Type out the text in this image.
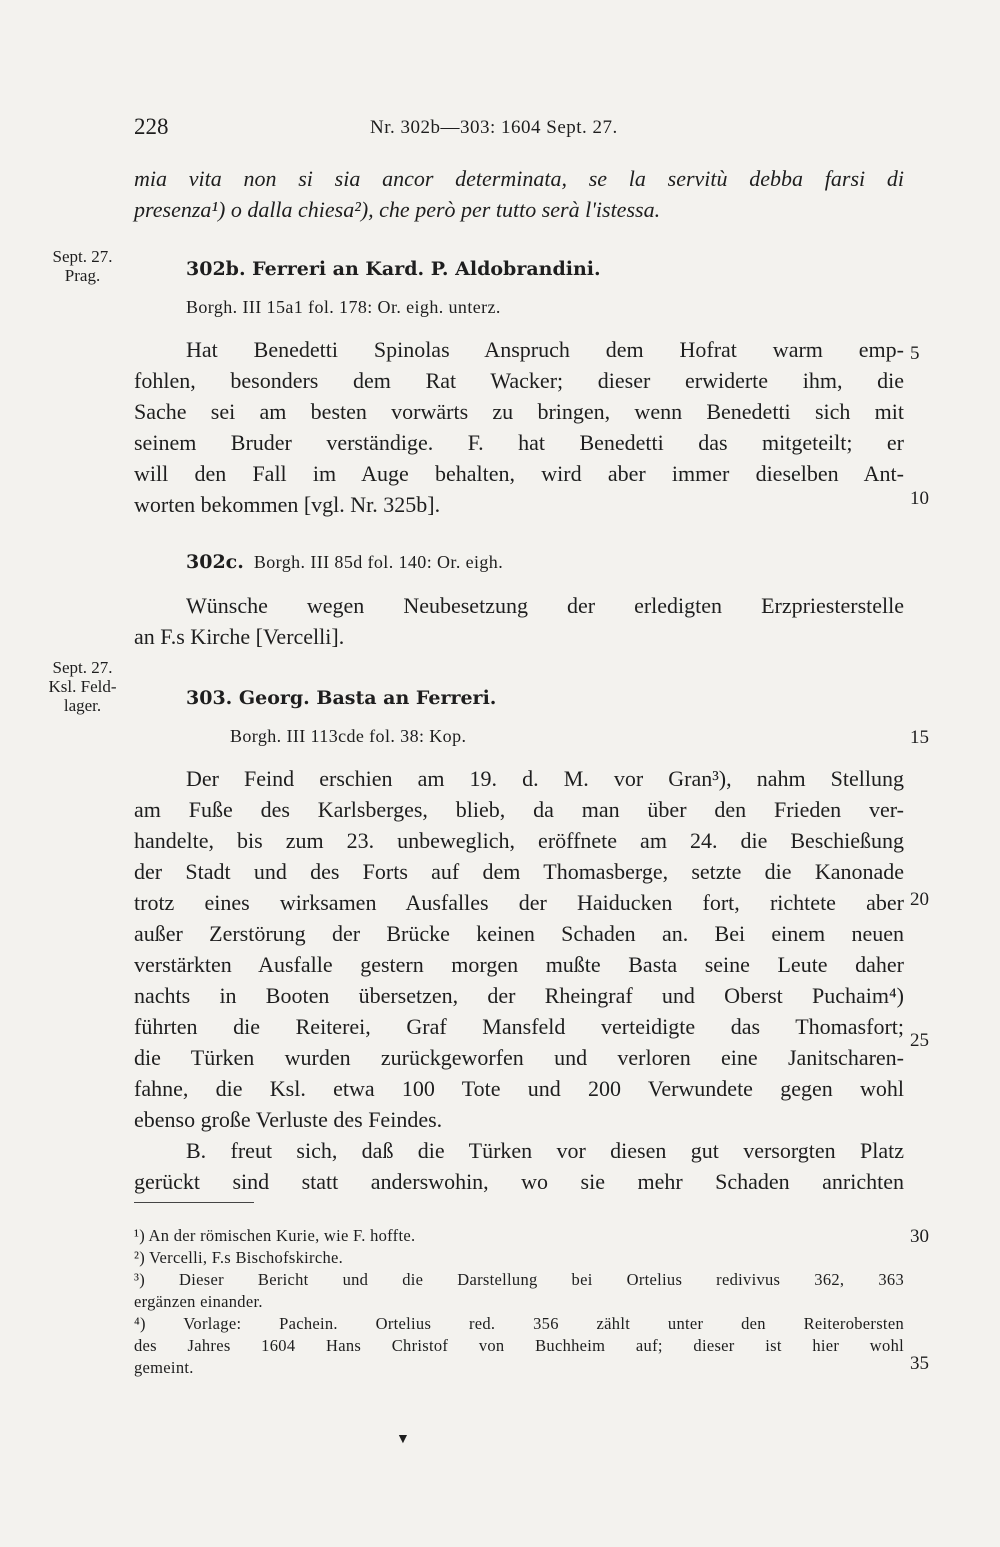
228	Nr. 302b—303: 1604 Sept. 27.
mia vita non si sia ancor determinata, se la servitù debba farsi di
presenza¹) o dalla chiesa²), che però per tutto serà l'istessa.
Sept. 27.
Prag.	302b. Ferreri an Kard. P. Aldobrandini.
Borgh. III 15a1 fol. 178: Or. eigh. unterz.
Hat Benedetti Spinolas Anspruch dem Hofrat warm emp-
fohlen, besonders dem Rat Wacker; dieser erwiderte ihm, die
Sache sei am besten vorwärts zu bringen, wenn Benedetti sich mit
seinem Bruder verständige. F. hat Benedetti das mitgeteilt; er
will den Fall im Auge behalten, wird aber immer dieselben Ant-
worten bekommen [vgl. Nr. 325b].
302c. Borgh. III 85d fol. 140: Or. eigh.
Wünsche wegen Neubesetzung der erledigten Erzpriesterstelle
an F.s Kirche [Vercelli].
Sept. 27.
Ksl. Feld-lager.	303. Georg. Basta an Ferreri.
Borgh. III 113cde fol. 38: Kop.
Der Feind erschien am 19. d. M. vor Gran³), nahm Stellung
am Fuße des Karlsberges, blieb, da man über den Frieden ver-
handelte, bis zum 23. unbeweglich, eröffnete am 24. die Beschießung
der Stadt und des Forts auf dem Thomasberge, setzte die Kanonade
trotz eines wirksamen Ausfalles der Haiducken fort, richtete aber
außer Zerstörung der Brücke keinen Schaden an. Bei einem neuen
verstärkten Ausfalle gestern morgen mußte Basta seine Leute daher
nachts in Booten übersetzen, der Rheingraf und Oberst Puchaim⁴)
führten die Reiterei, Graf Mansfeld verteidigte das Thomasfort;
die Türken wurden zurückgeworfen und verloren eine Janitscharen-
fahne, die Ksl. etwa 100 Tote und 200 Verwundete gegen wohl
ebenso große Verluste des Feindes.
B. freut sich, daß die Türken vor diesen gut versorgten Platz
gerückt sind statt anderswohin, wo sie mehr Schaden anrichten
5
10
15
20
25
30
35
¹) An der römischen Kurie, wie F. hoffte.
²) Vercelli, F.s Bischofskirche.
³) Dieser Bericht und die Darstellung bei Ortelius redivivus 362, 363
ergänzen einander.
⁴) Vorlage: Pachein. Ortelius red. 356 zählt unter den Reiterobersten
des Jahres 1604 Hans Christof von Buchheim auf; dieser ist hier wohl
gemeint.
▼
